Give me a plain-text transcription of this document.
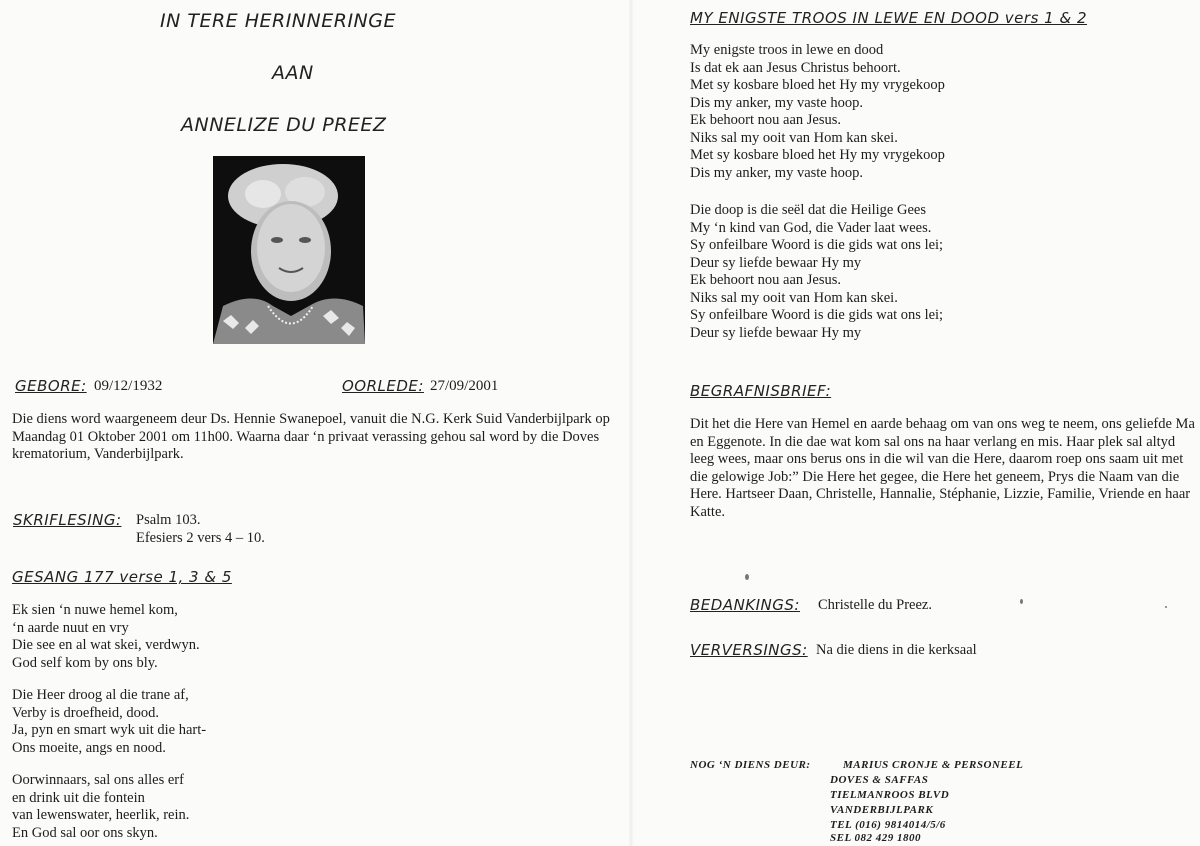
IN TERE HERINNERINGE
AAN
ANNELIZE DU PREEZ
GEBORE: 09/12/1932	OORLEDE: 27/09/2001
Die diens word waargeneem deur Ds. Hennie Swanepoel, vanuit die N.G. Kerk Suid Vanderbijlpark op Maandag 01 Oktober 2001 om 11h00. Waarna daar ‘n privaat verassing gehou sal word by die Doves krematorium, Vanderbijlpark.
SKRIFLESING: Psalm 103.
Efesiers 2 vers 4 – 10.
GESANG 177 verse 1, 3 & 5
Ek sien ‘n nuwe hemel kom,
‘n aarde nuut en vry
Die see en al wat skei, verdwyn.
God self kom by ons bly.
Die Heer droog al die trane af,
Verby is droefheid, dood.
Ja, pyn en smart wyk uit die hart-
Ons moeite, angs en nood.
Oorwinnaars, sal ons alles erf
en drink uit die fontein
van lewenswater, heerlik, rein.
En God sal oor ons skyn.
MY ENIGSTE TROOS IN LEWE EN DOOD vers 1 & 2
My enigste troos in lewe en dood
Is dat ek aan Jesus Christus behoort.
Met sy kosbare bloed het Hy my vrygekoop
Dis my anker, my vaste hoop.
Ek behoort nou aan Jesus.
Niks sal my ooit van Hom kan skei.
Met sy kosbare bloed het Hy my vrygekoop
Dis my anker, my vaste hoop.
Die doop is die seël dat die Heilige Gees
My ‘n kind van God, die Vader laat wees.
Sy onfeilbare Woord is die gids wat ons lei;
Deur sy liefde bewaar Hy my
Ek behoort nou aan Jesus.
Niks sal my ooit van Hom kan skei.
Sy onfeilbare Woord is die gids wat ons lei;
Deur sy liefde bewaar Hy my
BEGRAFNISBRIEF:
Dit het die Here van Hemel en aarde behaag om van ons weg te neem, ons geliefde Ma en Eggenote. In die dae wat kom sal ons na haar verlang en mis. Haar plek sal altyd leeg wees, maar ons berus ons in die wil van die Here, daarom roep ons saam uit met die gelowige Job:” Die Here het gegee, die Here het geneem, Prys die Naam van die Here. Hartseer Daan, Christelle, Hannalie, Stéphanie, Lizzie, Familie, Vriende en haar Katte.
BEDANKINGS: Christelle du Preez.
VERVERSINGS: Na die diens in die kerksaal
NOG ‘N DIENS DEUR:	MARIUS CRONJE & PERSONEEL
DOVES & SAFFAS
TIELMANROOS BLVD
VANDERBIJLPARK
TEL (016) 9814014/5/6
SEL 082 429 1800
